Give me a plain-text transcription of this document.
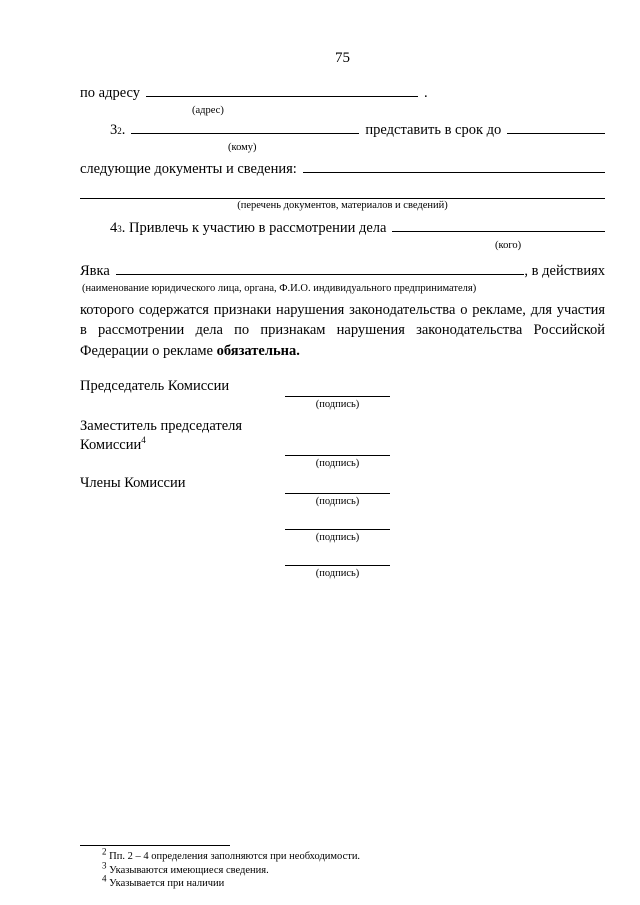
75
по адресу	.
(адрес)
3 2 .	представить в срок до
(кому)
следующие документы и сведения:
(перечень документов, материалов и сведений)
4 3 . Привлечь к участию в рассмотрении дела
(кого)
Явка	, в действиях
(наименование юридического лица, органа, Ф.И.О. индивидуального предпринимателя)
которого содержатся признаки нарушения законодательства о рекламе, для участия в рассмотрении дела по признакам нарушения законодательства Российской Федерации о рекламе обязательна.
Председатель Комиссии
(подпись)
Заместитель председателя Комиссии$^4$
(подпись)
Члены Комиссии
(подпись)
(подпись)
(подпись)
$^2$ Пп. 2 – 4 определения заполняются при необходимости.
$^3$ Указываются имеющиеся сведения.
$^4$ Указывается при наличии
